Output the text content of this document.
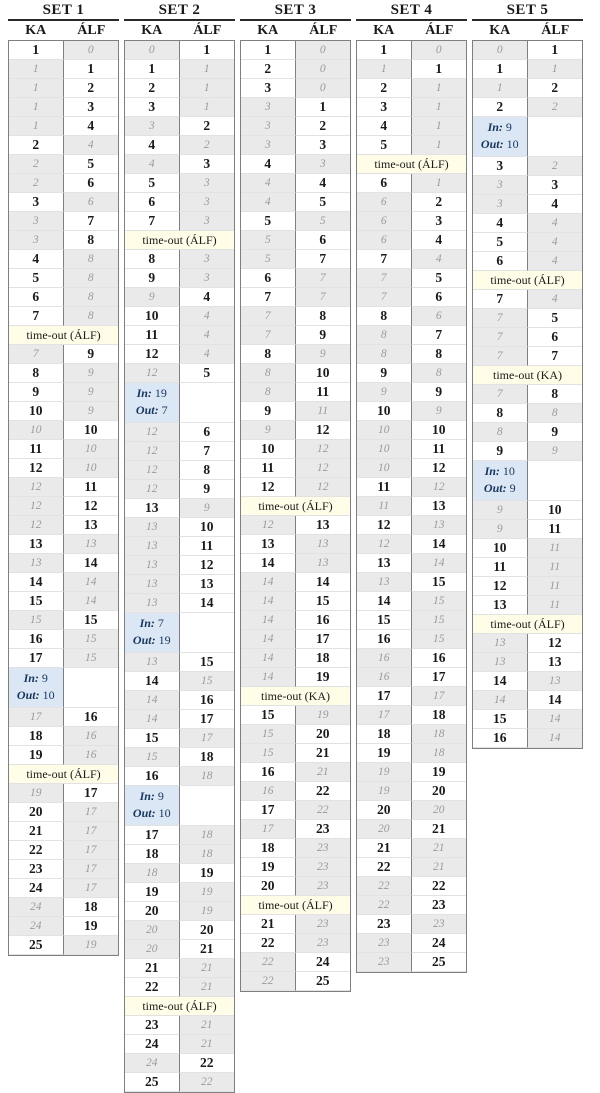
SET 1
KA	ÁLF
1	0
1	1
1	2
1	3
1	4
2	4
2	5
2	6
3	6
3	7
3	8
4	8
5	8
6	8
7	8
time-out (ÁLF)
7	9
8	9
9	9
10	9
10	10
11	10
12	10
12	11
12	12
12	13
13	13
13	14
14	14
15	14
15	15
16	15
17	15
In: 9
Out: 10
17	16
18	16
19	16
time-out (ÁLF)
19	17
20	17
21	17
22	17
23	17
24	17
24	18
24	19
25	19
SET 2
KA	ÁLF
0	1
1	1
2	1
3	1
3	2
4	2
4	3
5	3
6	3
7	3
time-out (ÁLF)
8	3
9	3
9	4
10	4
11	4
12	4
12	5
In: 19
Out: 7
12	6
12	7
12	8
12	9
13	9
13	10
13	11
13	12
13	13
13	14
In: 7
Out: 19
13	15
14	15
14	16
14	17
15	17
15	18
16	18
In: 9
Out: 10
17	18
18	18
18	19
19	19
20	19
20	20
20	21
21	21
22	21
time-out (ÁLF)
23	21
24	21
24	22
25	22
SET 3
KA	ÁLF
1	0
2	0
3	0
3	1
3	2
3	3
4	3
4	4
4	5
5	5
5	6
5	7
6	7
7	7
7	8
7	9
8	9
8	10
8	11
9	11
9	12
10	12
11	12
12	12
time-out (ÁLF)
12	13
13	13
14	13
14	14
14	15
14	16
14	17
14	18
14	19
time-out (KA)
15	19
15	20
15	21
16	21
16	22
17	22
17	23
18	23
19	23
20	23
time-out (ÁLF)
21	23
22	23
22	24
22	25
SET 4
KA	ÁLF
1	0
1	1
2	1
3	1
4	1
5	1
time-out (ÁLF)
6	1
6	2
6	3
6	4
7	4
7	5
7	6
8	6
8	7
8	8
9	8
9	9
10	9
10	10
10	11
10	12
11	12
11	13
12	13
12	14
13	14
13	15
14	15
15	15
16	15
16	16
16	17
17	17
17	18
18	18
19	18
19	19
19	20
20	20
20	21
21	21
22	21
22	22
22	23
23	23
23	24
23	25
SET 5
KA	ÁLF
0	1
1	1
1	2
2	2
In: 9
Out: 10
3	2
3	3
3	4
4	4
5	4
6	4
time-out (ÁLF)
7	4
7	5
7	6
7	7
time-out (KA)
7	8
8	8
8	9
9	9
In: 10
Out: 9
9	10
9	11
10	11
11	11
12	11
13	11
time-out (ÁLF)
13	12
13	13
14	13
14	14
15	14
16	14
